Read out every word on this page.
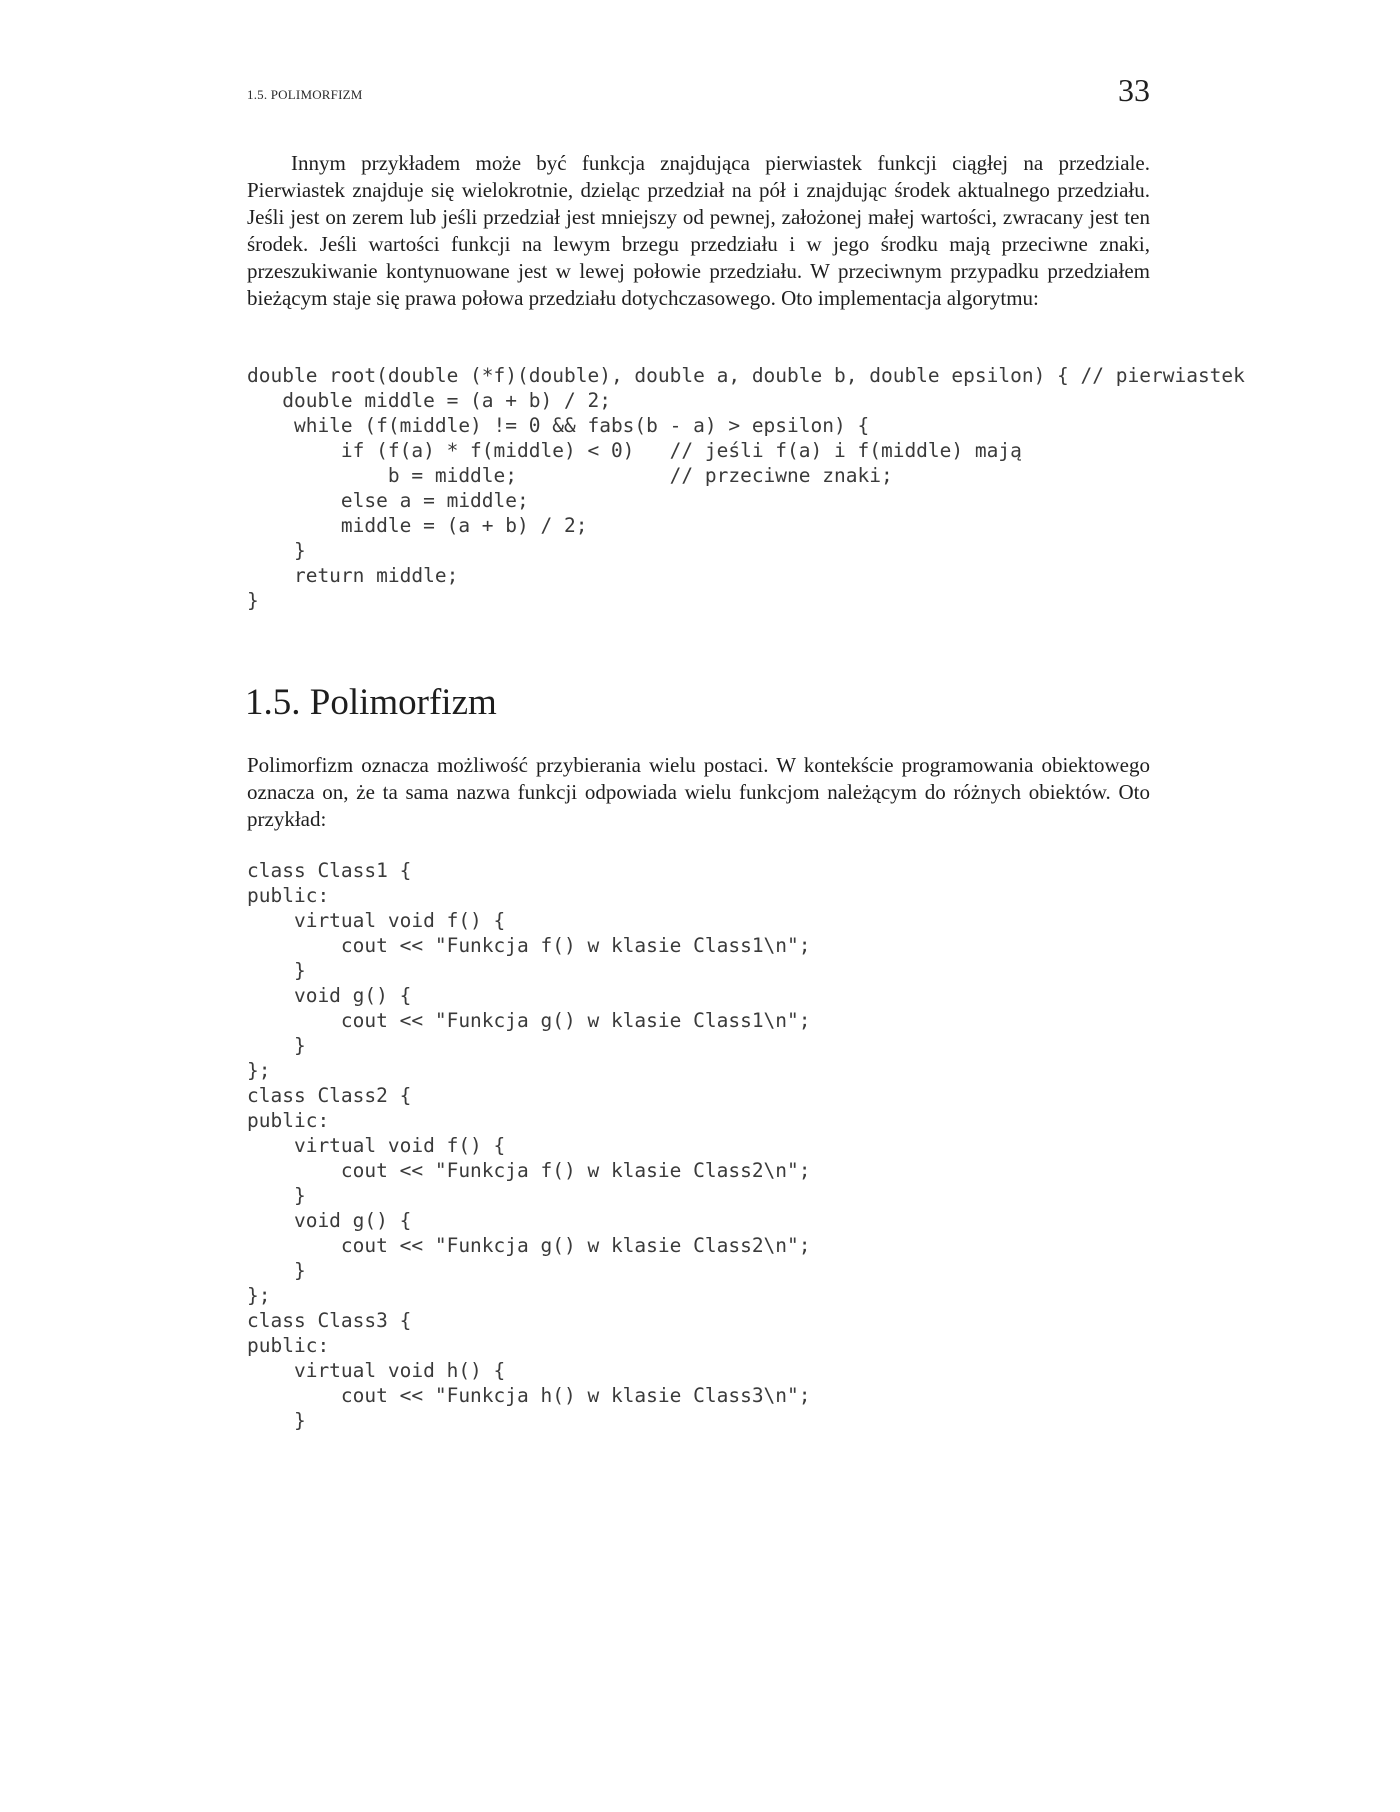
1.5. POLIMORFIZM	33

Innym przykładem może być funkcja znajdująca pierwiastek funkcji ciągłej na przedziale. Pierwiastek znajduje się wielokrotnie, dzieląc przedział na pół i znajdując środek aktualnego przedziału. Jeśli jest on zerem lub jeśli przedział jest mniejszy od pewnej, założonej małej wartości, zwracany jest ten środek. Jeśli wartości funkcji na lewym brzegu przedziału i w jego środku mają przeciwne znaki, przeszukiwanie kontynuowane jest w lewej połowie przedziału. W przeciwnym przypadku przedziałem bieżącym staje się prawa połowa przedziału dotychczasowego. Oto implementacja algorytmu:

double root(double (*f)(double), double a, double b, double epsilon) { // pierwiastek
double middle = (a + b) / 2;
while (f(middle) != 0 && fabs(b - a) > epsilon) {
if (f(a) * f(middle) < 0)   // jeśli f(a) i f(middle) mają
b = middle;             // przeciwne znaki;
else a = middle;
middle = (a + b) / 2;
}
return middle;
}
1.5. Polimorfizm

Polimorfizm oznacza możliwość przybierania wielu postaci. W kontekście programowania obiektowego oznacza on, że ta sama nazwa funkcji odpowiada wielu funkcjom należącym do różnych obiektów. Oto przykład:

class Class1 {
public:
virtual void f() {
cout << "Funkcja f() w klasie Class1\n";
}
void g() {
cout << "Funkcja g() w klasie Class1\n";
}
};
class Class2 {
public:
virtual void f() {
cout << "Funkcja f() w klasie Class2\n";
}
void g() {
cout << "Funkcja g() w klasie Class2\n";
}
};
class Class3 {
public:
virtual void h() {
cout << "Funkcja h() w klasie Class3\n";
}
